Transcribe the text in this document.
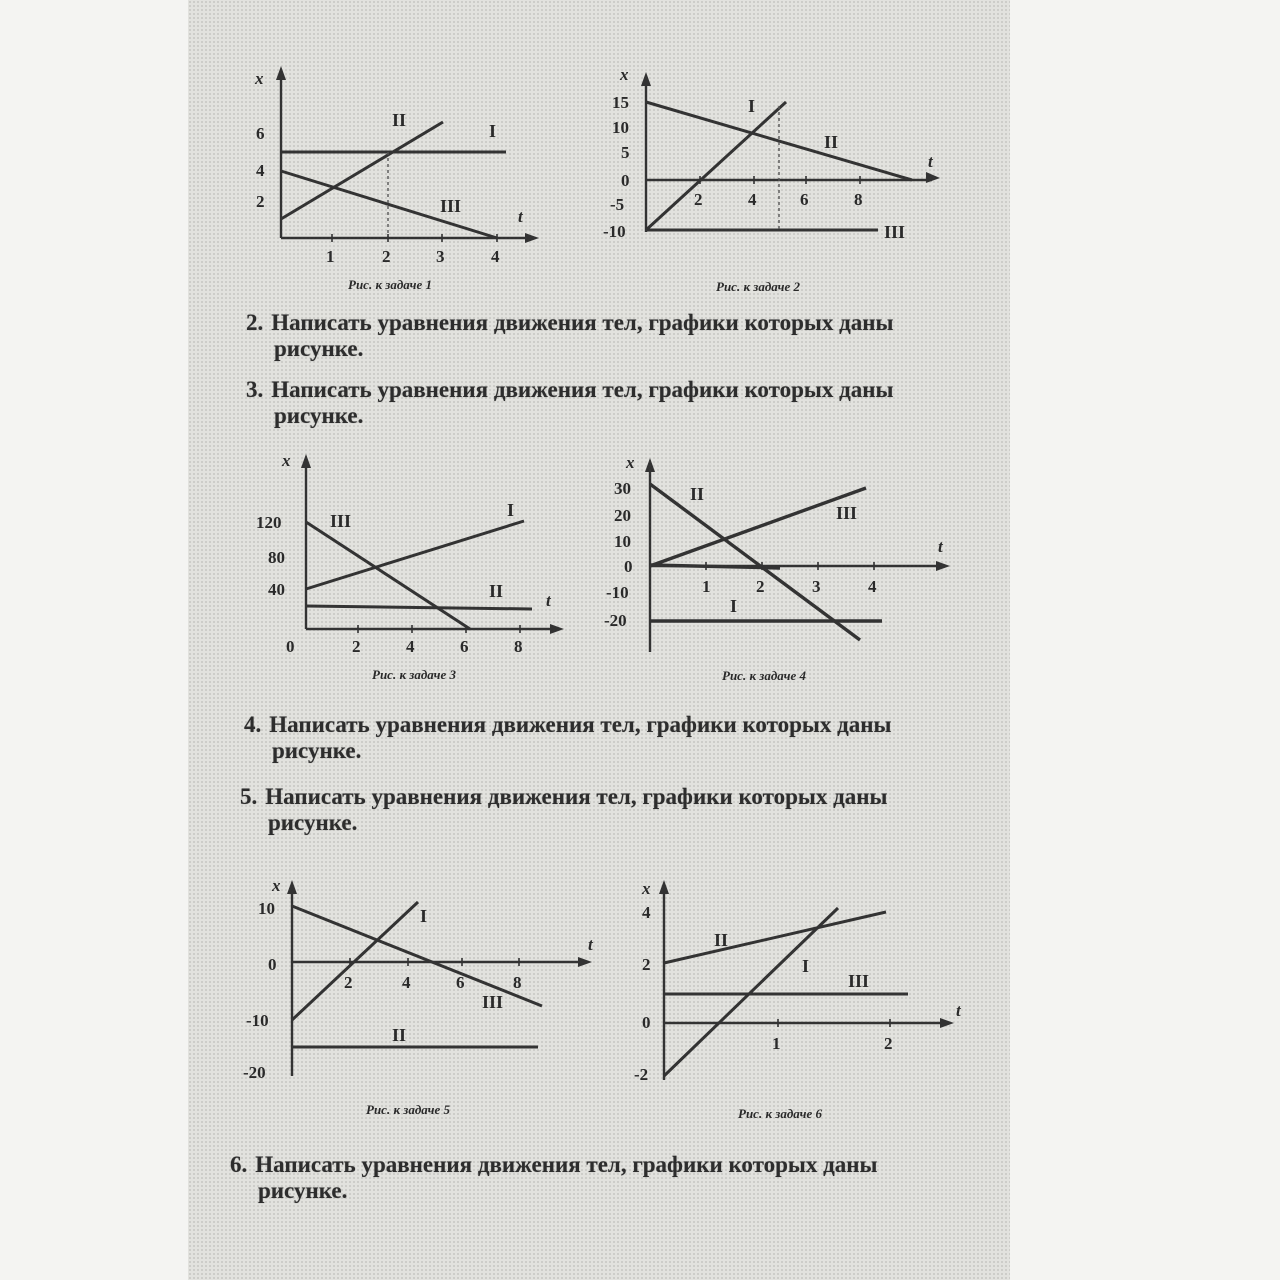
x
t
6
4
2
1	2	3	4
I
II
III
Рис. к задаче 1
x
t
15
10
5
0
-5
-10
2	4	6	8
I
II
III
Рис. к задаче 2

2. Написать уравнения движения тел, графики которых даны
рисунке.

3. Написать уравнения движения тел, графики которых даны
рисунке.

x
t
120
80
40
0	2	4	6	8
I
II
III
Рис. к задаче 3
x
t
30
20
10
0
-10
-20
1	2	3	4
I
II
III
Рис. к задаче 4

4. Написать уравнения движения тел, графики которых даны
рисунке.

5. Написать уравнения движения тел, графики которых даны
рисунке.

x
t
10
0
-10
-20
2	4	6	8
I
II
III
Рис. к задаче 5
x
t
4
2
0
-2
1	2
I
II
III
Рис. к задаче 6

6. Написать уравнения движения тел, графики которых даны
рисунке.
